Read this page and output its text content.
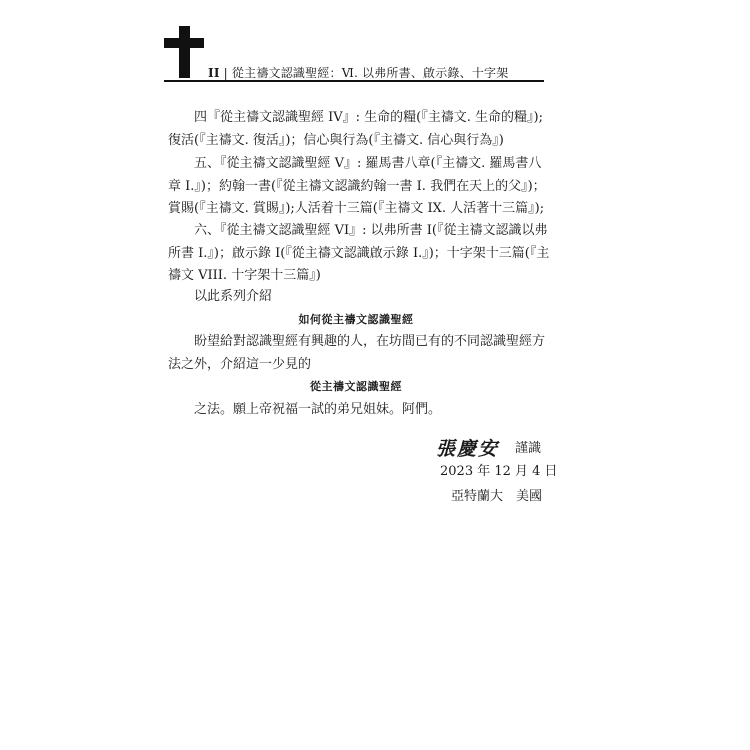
II | 從主禱文認識聖經：Ⅵ. 以弗所書、啟示錄、十字架
四『從主禱文認識聖經 IV』: 生命的糧(『主禱文. 生命的糧』);
復活(『主禱文. 復活』)；信心與行為(『主禱文. 信心與行為』)
五、『從主禱文認識聖經 V』: 羅馬書八章(『主禱文. 羅馬書八
章 I.』)；約翰一書(『從主禱文認識約翰一書 I. 我們在天上的父』)；
賞賜(『主禱文. 賞賜』);人活着十三篇(『主禱文 IX. 人活著十三篇』);
六、『從主禱文認識聖經 VI』: 以弗所書 I(『從主禱文認識以弗
所書 I.』)；啟示錄 I(『從主禱文認識啟示錄 I.』)；十字架十三篇(『主
禱文 VIII. 十字架十三篇』)
以此系列介紹
如何從主禱文認識聖經
盼望給對認識聖經有興趣的人，在坊間已有的不同認識聖經方
法之外，介紹這一少見的
從主禱文認識聖經
之法。願上帝祝福一試的弟兄姐妹。阿們。
張慶安 謹識
2023 年 12 月 4 日
亞特蘭大　美國
